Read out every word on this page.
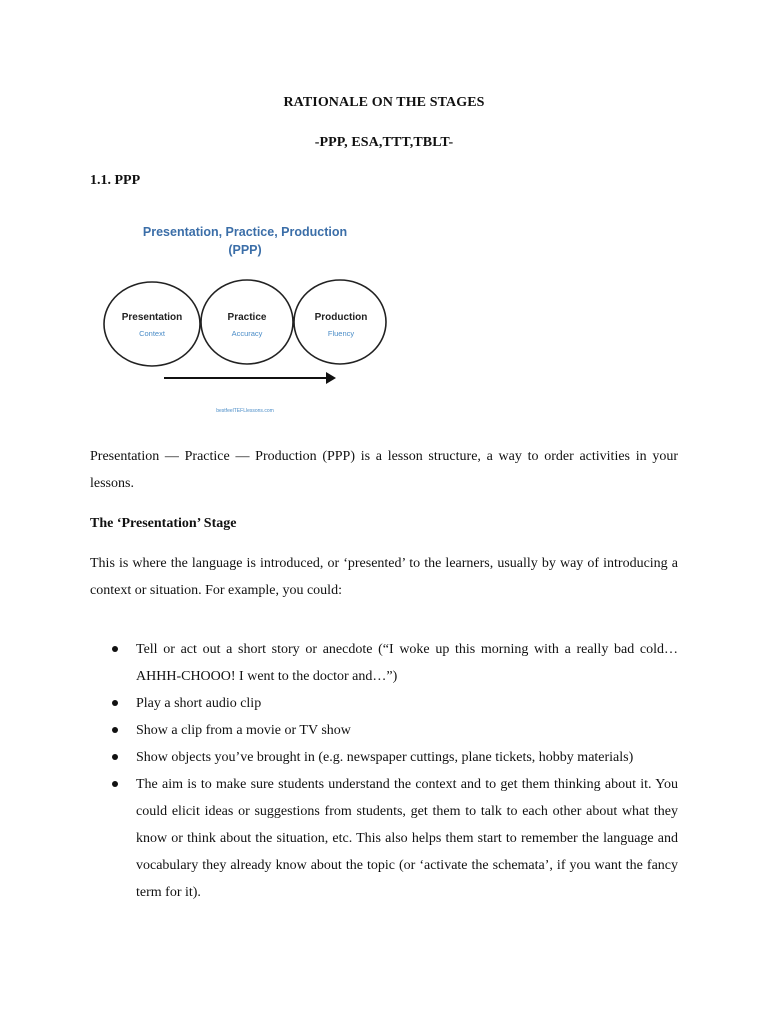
RATIONALE ON THE STAGES
-PPP, ESA,TTT,TBLT-
1.1. PPP
Presentation, Practice, Production
(PPP)
Presentation
Context
Practice
Accuracy
Production
Fluency
bestfeelTEFLlessons.com

Presentation — Practice — Production (PPP) is a lesson structure, a way to order activities in your lessons.

The ‘Presentation’ Stage

This is where the language is introduced, or ‘presented’ to the learners, usually by way of introducing a context or situation. For example, you could:

Tell or act out a short story or anecdote (“I woke up this morning with a really bad cold… AHHH-CHOOO! I went to the doctor and…”)
Play a short audio clip
Show a clip from a movie or TV show
Show objects you’ve brought in (e.g. newspaper cuttings, plane tickets, hobby materials)
The aim is to make sure students understand the context and to get them thinking about it. You could elicit ideas or suggestions from students, get them to talk to each other about what they know or think about the situation, etc. This also helps them start to remember the language and vocabulary they already know about the topic (or ‘activate the schemata’, if you want the fancy term for it).
